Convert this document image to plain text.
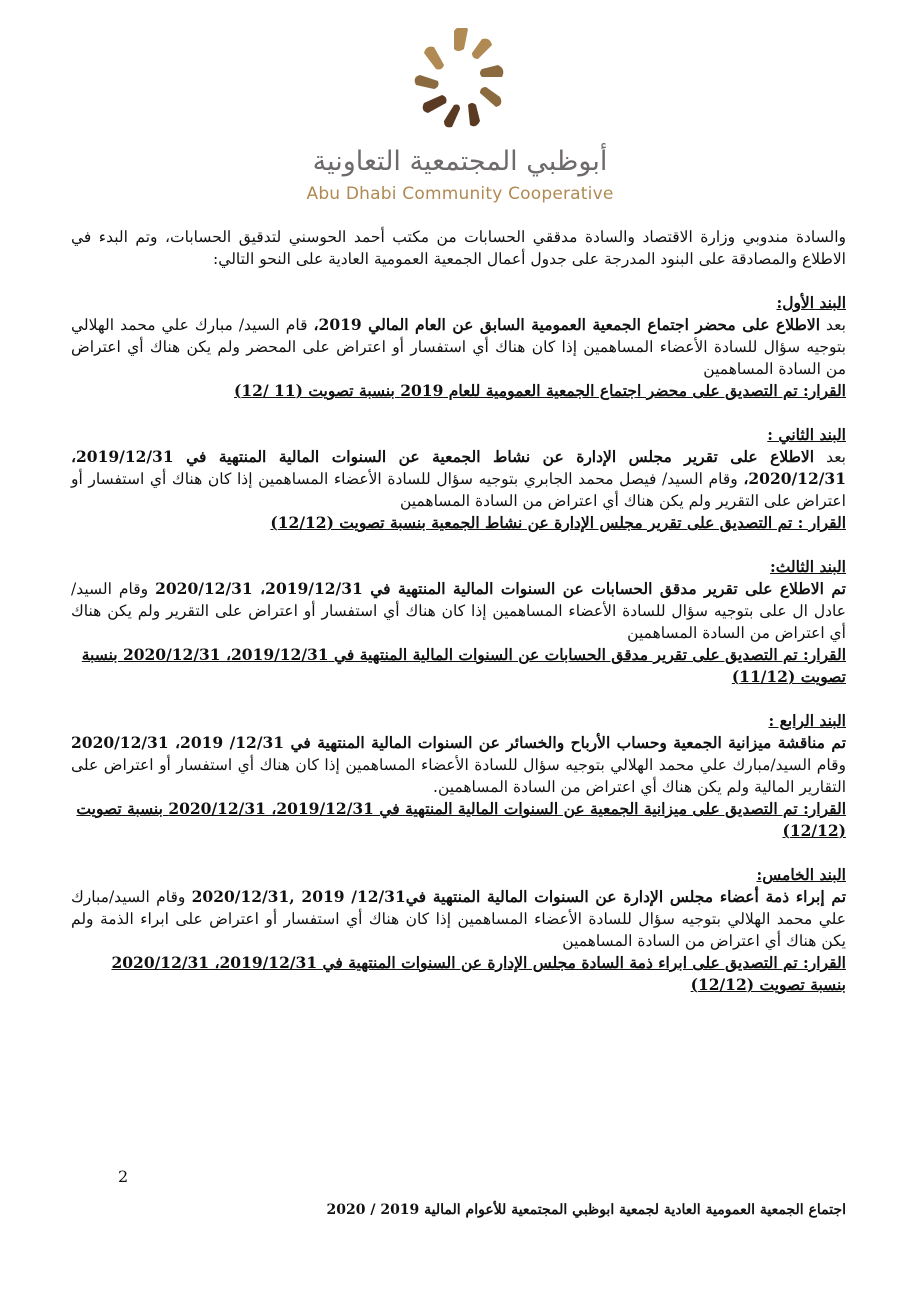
أبوظبي المجتمعية التعاونية
Abu Dhabi Community Cooperative

والسادة مندوبي وزارة الاقتصاد والسادة مدققي الحسابات من مكتب أحمد الحوسني لتدقيق الحسابات، وتم البدء في الاطلاع والمصادقة على البنود المدرجة على جدول أعمال الجمعية العمومية العادية على النحو التالي:

البند الأول:

بعد الاطلاع على محضر اجتماع الجمعية العمومية السابق عن العام المالي 2019، قام السيد/ مبارك علي محمد الهلالي بتوجيه سؤال للسادة الأعضاء المساهمين إذا كان هناك أي استفسار أو اعتراض على المحضر ولم يكن هناك أي اعتراض من السادة المساهمين

القرار: تم التصديق على محضر اجتماع الجمعية العمومية للعام 2019 بنسبة تصويت (11 /12)

البند الثاني :

بعد الاطلاع على تقرير مجلس الإدارة عن نشاط الجمعية عن السنوات المالية المنتهية في 2019/12/31، 2020/12/31، وقام السيد/ فيصل محمد الجابري بتوجيه سؤال للسادة الأعضاء المساهمين إذا كان هناك أي استفسار أو اعتراض على التقرير ولم يكن هناك أي اعتراض من السادة المساهمين

القرار : تم التصديق على تقرير مجلس الإدارة عن نشاط الجمعية بنسبة تصويت (12/12)

البند الثالث:

تم الاطلاع على تقرير مدقق الحسابات عن السنوات المالية المنتهية في 2019/12/31، 2020/12/31 وقام السيد/عادل ال على بتوجيه سؤال للسادة الأعضاء المساهمين إذا كان هناك أي استفسار أو اعتراض على التقرير ولم يكن هناك أي اعتراض من السادة المساهمين

القرار: تم التصديق على تقرير مدقق الحسابات عن السنوات المالية المنتهية في 2019/12/31، 2020/12/31 بنسبة تصويت (11/12)

البند الرابع :

تم مناقشة ميزانية الجمعية وحساب الأرباح والخسائر عن السنوات المالية المنتهية في 12/31/ 2019، 2020/12/31 وقام السيد/مبارك علي محمد الهلالي بتوجيه سؤال للسادة الأعضاء المساهمين إذا كان هناك أي استفسار أو اعتراض على التقارير المالية ولم يكن هناك أي اعتراض من السادة المساهمين.

القرار: تم التصديق على ميزانية الجمعية عن السنوات المالية المنتهية في 2019/12/31، 2020/12/31 بنسبة تصويت (12/12)

البند الخامس:

تم إبراء ذمة أعضاء مجلس الإدارة عن السنوات المالية المنتهية في12/31/ 2019 ,2020/12/31 وقام السيد/مبارك علي محمد الهلالي بتوجيه سؤال للسادة الأعضاء المساهمين إذا كان هناك أي استفسار أو اعتراض على ابراء الذمة ولم يكن هناك أي اعتراض من السادة المساهمين

القرار: تم التصديق على ابراء ذمة السادة مجلس الإدارة عن السنوات المنتهية في 2019/12/31، 2020/12/31 بنسبة تصويت (12/12)

2
اجتماع الجمعية العمومية العادية لجمعية ابوظبي المجتمعية للأعوام المالية 2019 / 2020
